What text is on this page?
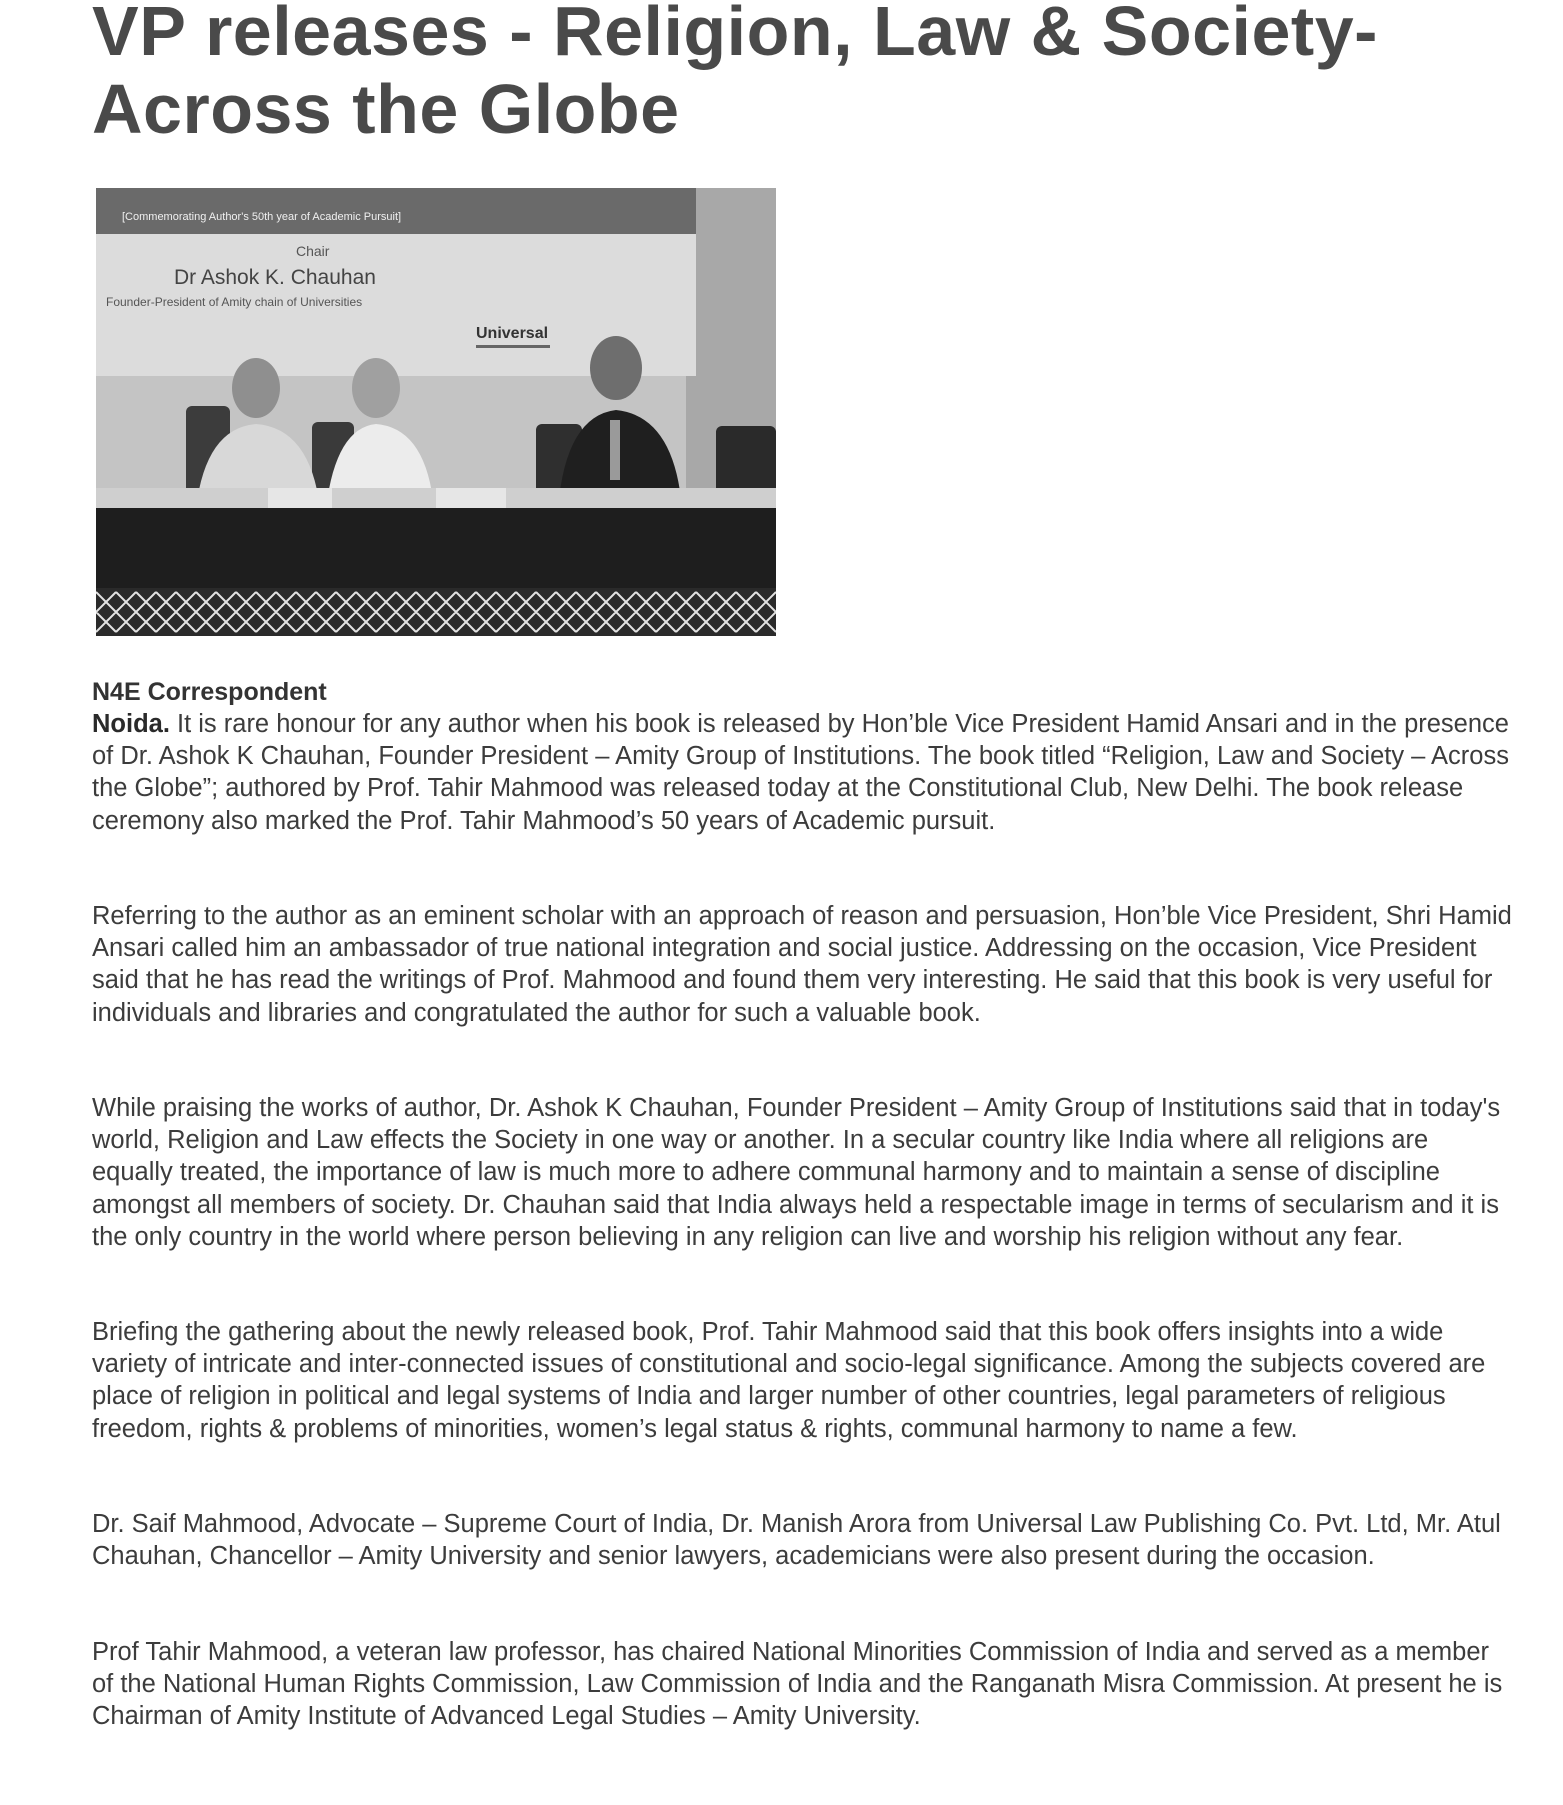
VP releases - Religion, Law & Society- Across the Globe
[Commemorating Author's 50th year of Academic Pursuit]
Chair
Dr Ashok K. Chauhan
Founder-President of Amity chain of Universities
Universal
N4E Correspondent

Noida. It is rare honour for any author when his book is released by Hon’ble Vice President Hamid Ansari and in the presence of Dr. Ashok K Chauhan, Founder President – Amity Group of Institutions. The book titled “Religion, Law and Society – Across the Globe”; authored by Prof. Tahir Mahmood was released today at the Constitutional Club, New Delhi. The book release ceremony also marked the Prof. Tahir Mahmood’s 50 years of Academic pursuit.

Referring to the author as an eminent scholar with an approach of reason and persuasion, Hon’ble Vice President, Shri Hamid Ansari called him an ambassador of true national integration and social justice. Addressing on the occasion, Vice President said that he has read the writings of Prof. Mahmood and found them very interesting. He said that this book is very useful for individuals and libraries and congratulated the author for such a valuable book.

While praising the works of author, Dr. Ashok K Chauhan, Founder President – Amity Group of Institutions said that in today's world, Religion and Law effects the Society in one way or another. In a secular country like India where all religions are equally treated, the importance of law is much more to adhere communal harmony and to maintain a sense of discipline amongst all members of society. Dr. Chauhan said that India always held a respectable image in terms of secularism and it is the only country in the world where person believing in any religion can live and worship his religion without any fear.

Briefing the gathering about the newly released book, Prof. Tahir Mahmood said that this book offers insights into a wide variety of intricate and inter-connected issues of constitutional and socio-legal significance. Among the subjects covered are place of religion in political and legal systems of India and larger number of other countries, legal parameters of religious freedom, rights & problems of minorities, women’s legal status & rights, communal harmony to name a few.

Dr. Saif Mahmood, Advocate – Supreme Court of India, Dr. Manish Arora from Universal Law Publishing Co. Pvt. Ltd, Mr. Atul Chauhan, Chancellor – Amity University and senior lawyers, academicians were also present during the occasion.

Prof Tahir Mahmood, a veteran law professor, has chaired National Minorities Commission of India and served as a member of the National Human Rights Commission, Law Commission of India and the Ranganath Misra Commission. At present he is Chairman of Amity Institute of Advanced Legal Studies – Amity University.
